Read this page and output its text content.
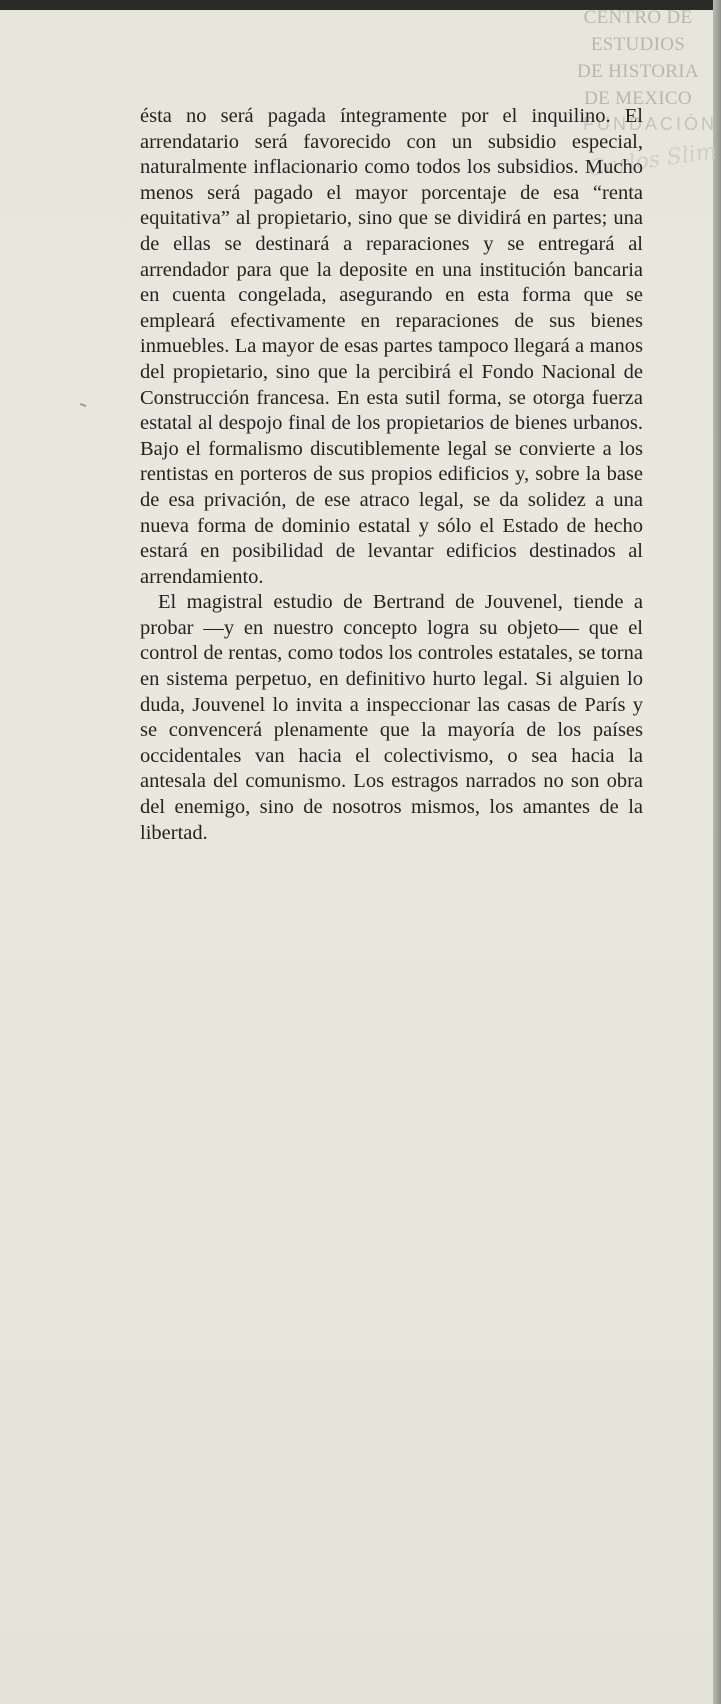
CENTRO DE
ESTUDIOS
DE HISTORIA
DE MEXICO
FUNDACIÓN
Carlos Slim

ésta no será pagada íntegramente por el inquilino. El arrendatario será favorecido con un subsidio especial, naturalmente inflacionario como todos los subsidios. Mucho menos será pagado el mayor porcentaje de esa “renta equitativa” al propietario, sino que se dividirá en partes; una de ellas se destinará a reparaciones y se entregará al arrendador para que la deposite en una institución bancaria en cuenta congelada, asegurando en esta forma que se empleará efectivamente en reparaciones de sus bienes inmuebles. La mayor de esas partes tampoco llegará a manos del propietario, sino que la percibirá el Fondo Nacional de Construcción francesa. En esta sutil forma, se otorga fuerza estatal al despojo final de los propietarios de bienes urbanos. Bajo el formalismo discutiblemente legal se convierte a los rentistas en porteros de sus propios edificios y, sobre la base de esa privación, de ese atraco legal, se da solidez a una nueva forma de dominio estatal y sólo el Estado de hecho estará en posibilidad de levantar edificios destinados al arrendamiento.

El magistral estudio de Bertrand de Jouvenel, tiende a probar —y en nuestro concepto logra su objeto— que el control de rentas, como todos los controles estatales, se torna en sistema perpetuo, en definitivo hurto legal. Si alguien lo duda, Jouvenel lo invita a inspeccionar las casas de París y se convencerá plenamente que la mayoría de los países occidentales van hacia el colectivismo, o sea hacia la antesala del comunismo. Los estragos narrados no son obra del enemigo, sino de nosotros mismos, los amantes de la libertad.
